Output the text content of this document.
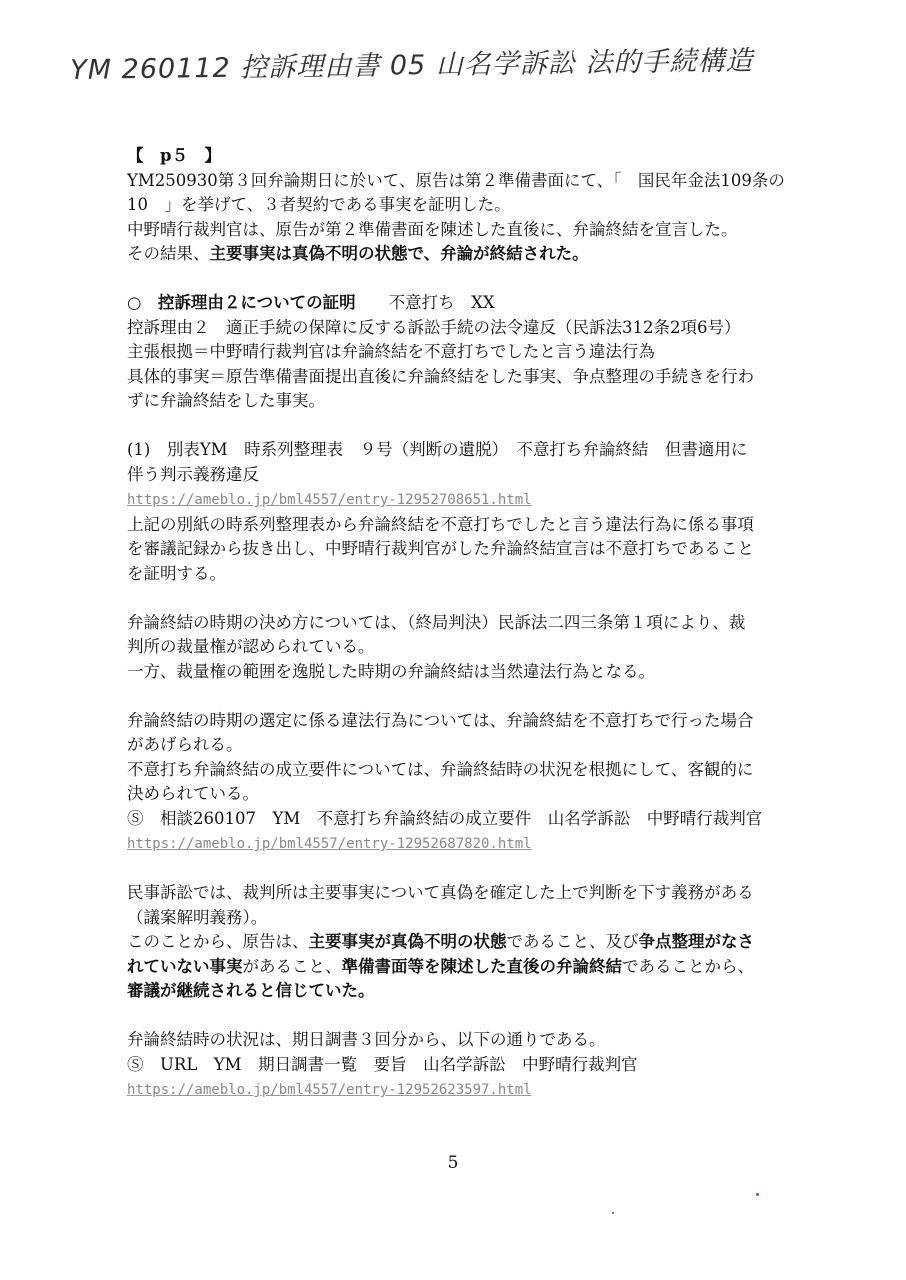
YM 260112 控訴理由書 05 山名学訴訟 法的手続構造

【　p５　】

YM250930第３回弁論期日に於いて、原告は第２準備書面にて、「　国民年金法109条の

10　」を挙げて、３者契約である事実を証明した。

中野晴行裁判官は、原告が第２準備書面を陳述した直後に、弁論終結を宣言した。

その結果、主要事実は真偽不明の状態で、弁論が終結された。

○　控訴理由２についての証明　　不意打ち　XX

控訴理由２　適正手続の保障に反する訴訟手続の法令違反（民訴法312条2項6号）

主張根拠＝中野晴行裁判官は弁論終結を不意打ちでしたと言う違法行為

具体的事実＝原告準備書面提出直後に弁論終結をした事実、争点整理の手続きを行わ

ずに弁論終結をした事実。

(1)　別表YM　時系列整理表　９号（判断の遺脱）　不意打ち弁論終結　但書適用に

伴う判示義務違反

https://ameblo.jp/bml4557/entry-12952708651.html

上記の別紙の時系列整理表から弁論終結を不意打ちでしたと言う違法行為に係る事項

を審議記録から抜き出し、中野晴行裁判官がした弁論終結宣言は不意打ちであること

を証明する。

弁論終結の時期の決め方については、（終局判決）民訴法二四三条第１項により、裁

判所の裁量権が認められている。

一方、裁量権の範囲を逸脱した時期の弁論終結は当然違法行為となる。

弁論終結の時期の選定に係る違法行為については、弁論終結を不意打ちで行った場合

があげられる。

不意打ち弁論終結の成立要件については、弁論終結時の状況を根拠にして、客観的に

決められている。

Ⓢ　相談260107　YM　不意打ち弁論終結の成立要件　山名学訴訟　中野晴行裁判官

https://ameblo.jp/bml4557/entry-12952687820.html

民事訴訟では、裁判所は主要事実について真偽を確定した上で判断を下す義務がある

（議案解明義務）。

このことから、原告は、主要事実が真偽不明の状態であること、及び争点整理がなさ

れていない事実があること、準備書面等を陳述した直後の弁論終結であることから、

審議が継続されると信じていた。

弁論終結時の状況は、期日調書３回分から、以下の通りである。

Ⓢ　URL　YM　期日調書一覧　要旨　山名学訴訟　中野晴行裁判官

https://ameblo.jp/bml4557/entry-12952623597.html

5
